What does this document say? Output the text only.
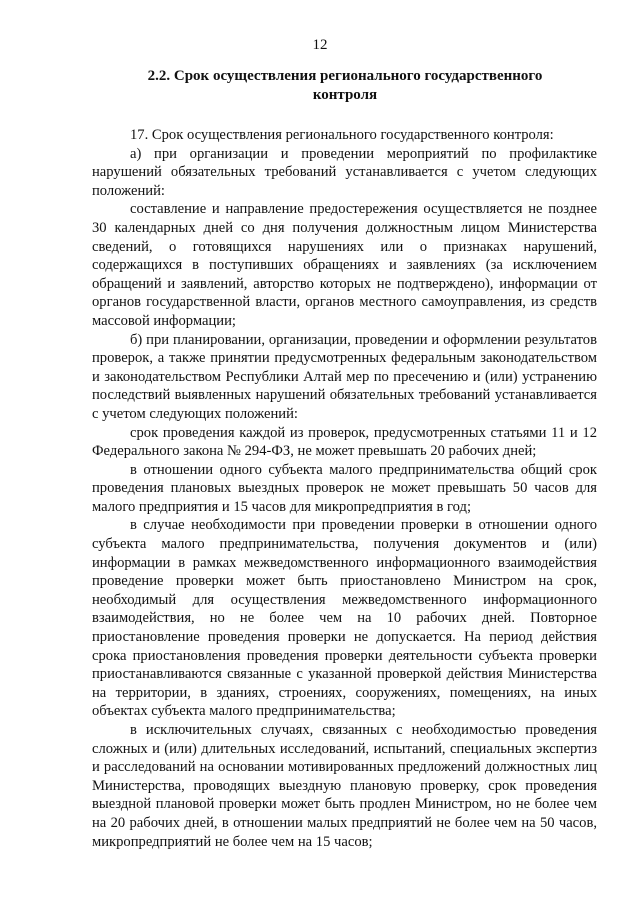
12
2.2. Срок осуществления регионального государственного контроля

17. Срок осуществления регионального государственного контроля:

а) при организации и проведении мероприятий по профилактике нарушений обязательных требований устанавливается с учетом следующих положений:

составление и направление предостережения осуществляется не позднее 30 календарных дней со дня получения должностным лицом Министерства сведений, о готовящихся нарушениях или о признаках нарушений, содержащихся в поступивших обращениях и заявлениях (за исключением обращений и заявлений, авторство которых не подтверждено), информации от органов государственной власти, органов местного самоуправления, из средств массовой информации;

б) при планировании, организации, проведении и оформлении результатов проверок, а также принятии предусмотренных федеральным законодательством и законодательством Республики Алтай мер по пресечению и (или) устранению последствий выявленных нарушений обязательных требований устанавливается с учетом следующих положений:

срок проведения каждой из проверок, предусмотренных статьями 11 и 12 Федерального закона № 294-ФЗ, не может превышать 20 рабочих дней;

в отношении одного субъекта малого предпринимательства общий срок проведения плановых выездных проверок не может превышать 50 часов для малого предприятия и 15 часов для микропредприятия в год;

в случае необходимости при проведении проверки в отношении одного субъекта малого предпринимательства, получения документов и (или) информации в рамках межведомственного информационного взаимодействия проведение проверки может быть приостановлено Министром на срок, необходимый для осуществления межведомственного информационного взаимодействия, но не более чем на 10 рабочих дней. Повторное приостановление проведения проверки не допускается. На период действия срока приостановления проведения проверки деятельности субъекта проверки приостанавливаются связанные с указанной проверкой действия Министерства на территории, в зданиях, строениях, сооружениях, помещениях, на иных объектах субъекта малого предпринимательства;

в исключительных случаях, связанных с необходимостью проведения сложных и (или) длительных исследований, испытаний, специальных экспертиз и расследований на основании мотивированных предложений должностных лиц Министерства, проводящих выездную плановую проверку, срок проведения выездной плановой проверки может быть продлен Министром, но не более чем на 20 рабочих дней, в отношении малых предприятий не более чем на 50 часов, микропредприятий не более чем на 15 часов;
